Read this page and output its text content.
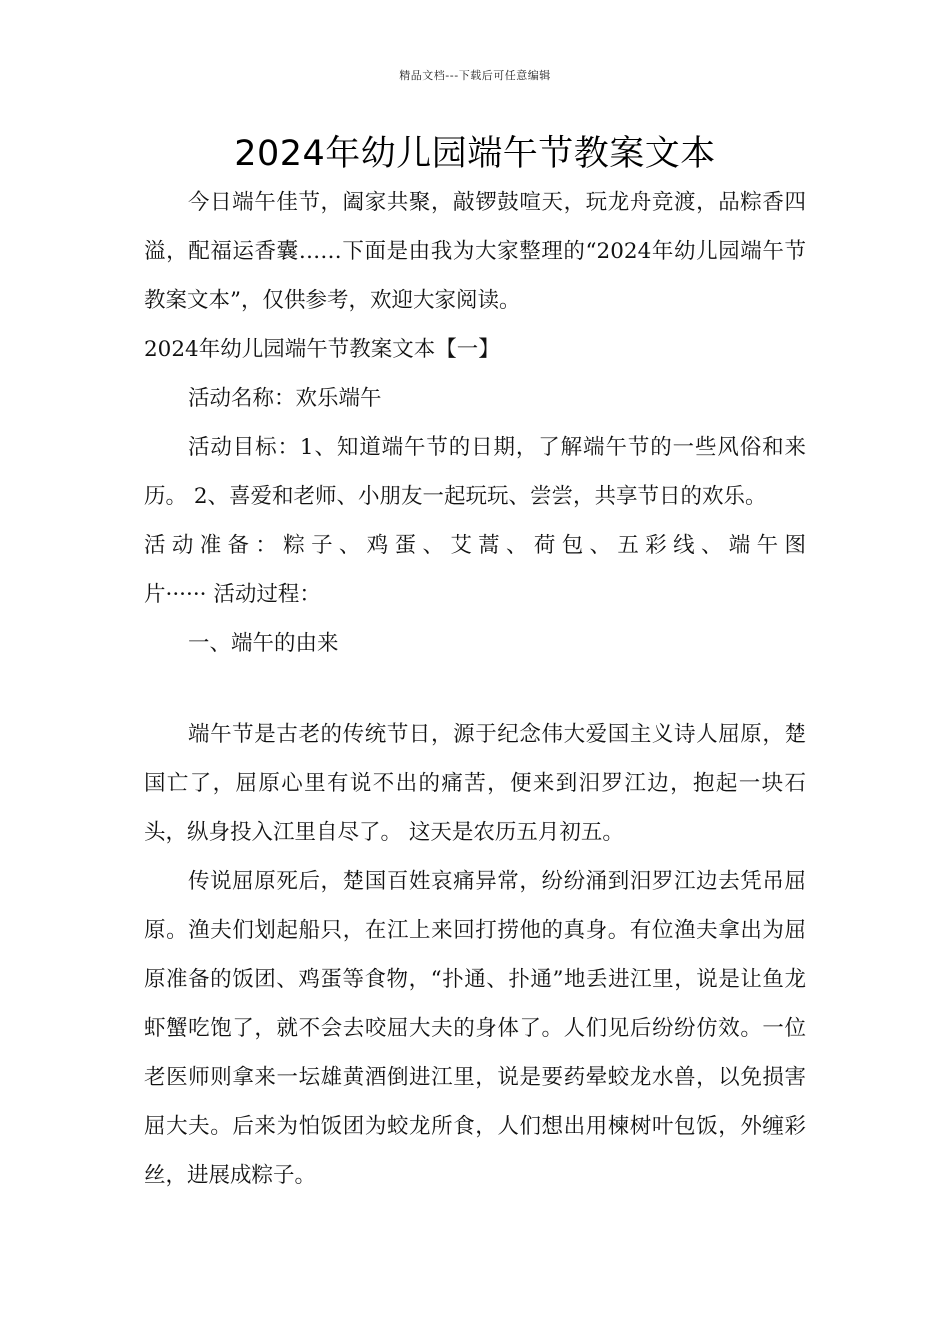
精品文档---下载后可任意编辑
2024年幼儿园端午节教案文本

今日端午佳节，阖家共聚，敲锣鼓喧天，玩龙舟竞渡，品粽香四溢，配福运香囊……下面是由我为大家整理的“2024年幼儿园端午节教案文本”，仅供参考，欢迎大家阅读。

2024年幼儿园端午节教案文本【一】

活动名称：欢乐端午

活动目标：1、知道端午节的日期，了解端午节的一些风俗和来历。 2、喜爱和老师、小朋友一起玩玩、尝尝，共享节日的欢乐。

活动准备：粽子、鸡蛋、艾蒿、荷包、五彩线、端午图

片······ 活动过程：

一、端午的由来

端午节是古老的传统节日，源于纪念伟大爱国主义诗人屈原，楚国亡了，屈原心里有说不出的痛苦，便来到汨罗江边，抱起一块石头，纵身投入江里自尽了。 这天是农历五月初五。

传说屈原死后，楚国百姓哀痛异常，纷纷涌到汨罗江边去凭吊屈原。渔夫们划起船只，在江上来回打捞他的真身。有位渔夫拿出为屈原准备的饭团、鸡蛋等食物，“扑通、扑通”地丢进江里，说是让鱼龙虾蟹吃饱了，就不会去咬屈大夫的身体了。人们见后纷纷仿效。一位老医师则拿来一坛雄黄酒倒进江里，说是要药晕蛟龙水兽，以免损害屈大夫。后来为怕饭团为蛟龙所食，人们想出用楝树叶包饭，外缠彩丝，进展成粽子。
